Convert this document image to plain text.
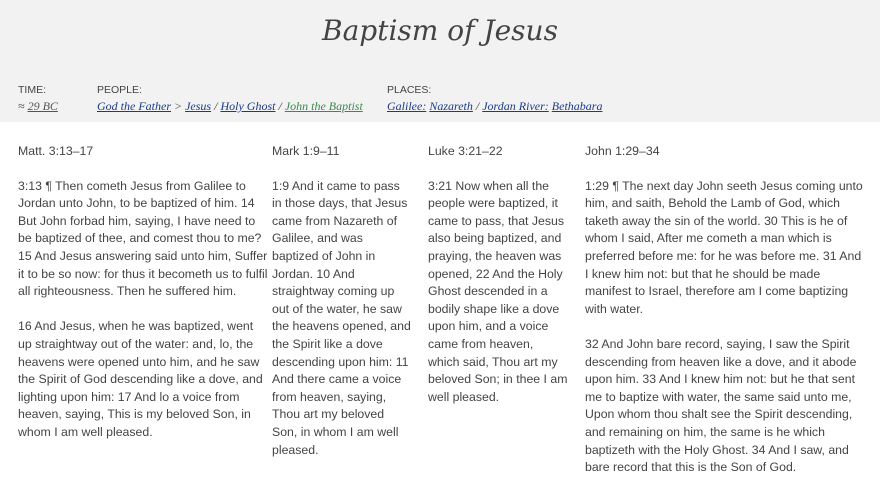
Baptism of Jesus
TIME:
≈ 29 BC
PEOPLE:
God the Father > Jesus / Holy Ghost / John the Baptist
PLACES:
Galilee: Nazareth / Jordan River: Bethabara
Matt. 3:13–17

3:13 ¶ Then cometh Jesus from Galilee to Jordan unto John, to be baptized of him. 14 But John forbad him, saying, I have need to be baptized of thee, and comest thou to me? 15 And Jesus answering said unto him, Suffer it to be so now: for thus it becometh us to fulfil all righteousness. Then he suffered him.

16 And Jesus, when he was baptized, went up straightway out of the water: and, lo, the heavens were opened unto him, and he saw the Spirit of God descending like a dove, and lighting upon him: 17 And lo a voice from heaven, saying, This is my beloved Son, in whom I am well pleased.

Mark 1:9–11

1:9 And it came to pass in those days, that Jesus came from Nazareth of Galilee, and was baptized of John in Jordan. 10 And straightway coming up out of the water, he saw the heavens opened, and the Spirit like a dove descending upon him: 11 And there came a voice from heaven, saying, Thou art my beloved Son, in whom I am well pleased.

Luke 3:21–22

3:21 Now when all the people were baptized, it came to pass, that Jesus also being baptized, and praying, the heaven was opened, 22 And the Holy Ghost descended in a bodily shape like a dove upon him, and a voice came from heaven, which said, Thou art my beloved Son; in thee I am well pleased.

John 1:29–34

1:29 ¶ The next day John seeth Jesus coming unto him, and saith, Behold the Lamb of God, which taketh away the sin of the world. 30 This is he of whom I said, After me cometh a man which is preferred before me: for he was before me. 31 And I knew him not: but that he should be made manifest to Israel, therefore am I come baptizing with water.

32 And John bare record, saying, I saw the Spirit descending from heaven like a dove, and it abode upon him. 33 And I knew him not: but he that sent me to baptize with water, the same said unto me, Upon whom thou shalt see the Spirit descending, and remaining on him, the same is he which baptizeth with the Holy Ghost. 34 And I saw, and bare record that this is the Son of God.
